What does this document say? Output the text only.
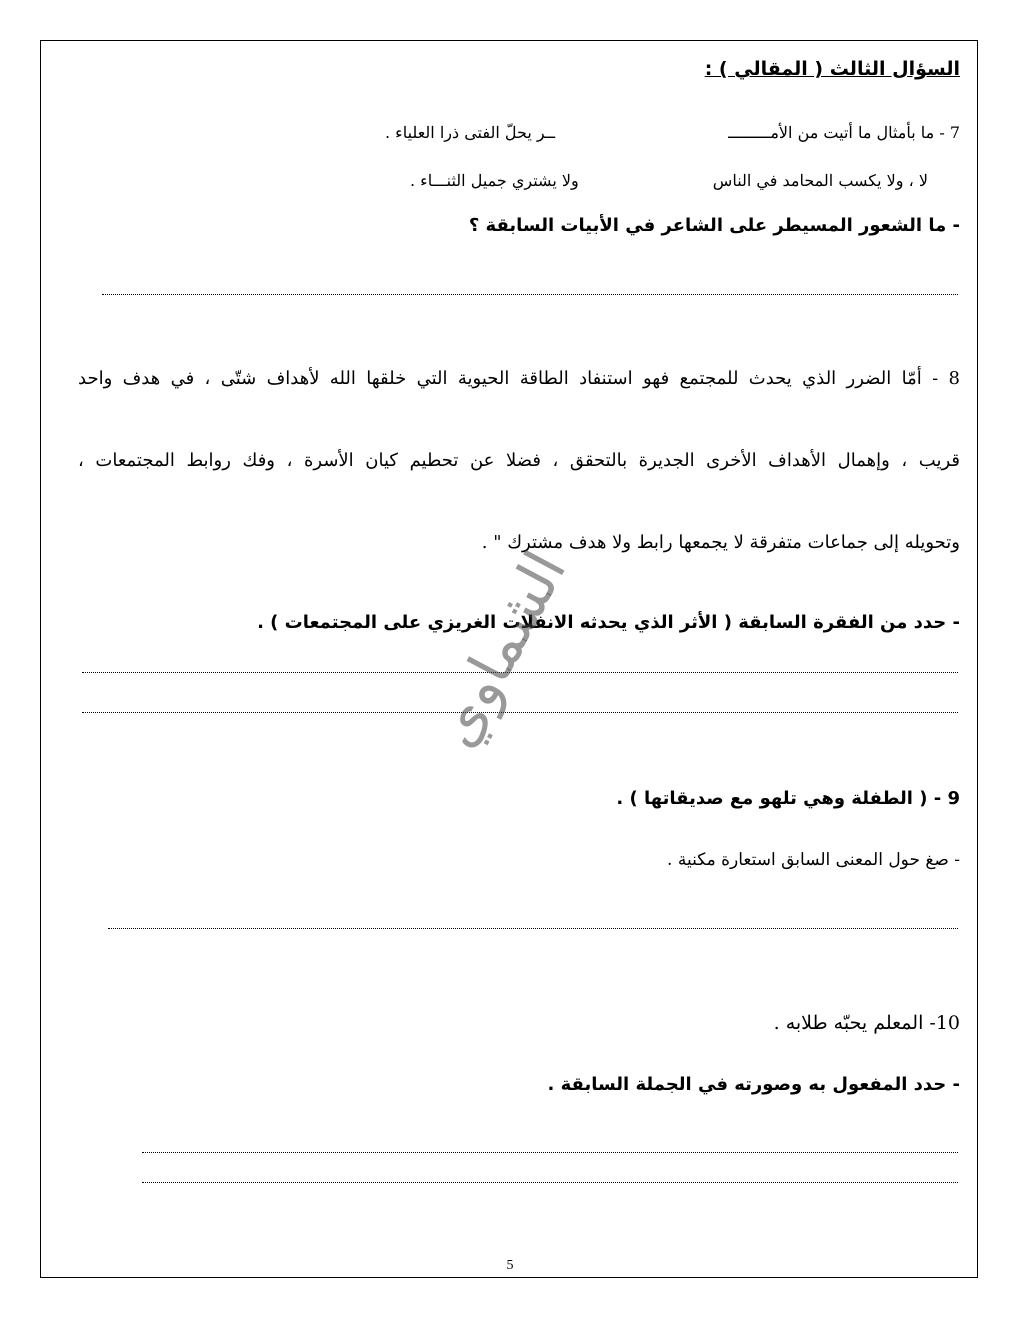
السؤال الثالث ( المقالي ) :
7 - ما بأمثال ما أتيت من الأمـــــــــ
ــر يحلّ الفتى ذرا العلياء .
لا ، ولا يكسب المحامد في الناس
ولا يشتري جميل الثنـــاء .
- ما الشعور المسيطر على الشاعر في الأبيات السابقة ؟
8 - أمّا الضرر الذي يحدث للمجتمع فهو استنفاد الطاقة الحيوية التي خلقها الله لأهداف شتّى ، في هدف واحد
قريب ، وإهمال الأهداف الأخرى الجديرة بالتحقق ، فضلا عن تحطيم كيان الأسرة ، وفك روابط المجتمعات ،
وتحويله إلى جماعات متفرقة لا يجمعها رابط ولا هدف مشترك " .
- حدد من الفقرة السابقة ( الأثر الذي يحدثه الانفلات الغريزي على المجتمعات ) .
9 - ( الطفلة وهي تلهو مع صديقاتها ) .
- صغ حول المعنى السابق استعارة مكنية .
10- المعلم يحبّه طلابه .
- حدد المفعول به وصورته في الجملة السابقة .
الشماوي
5
